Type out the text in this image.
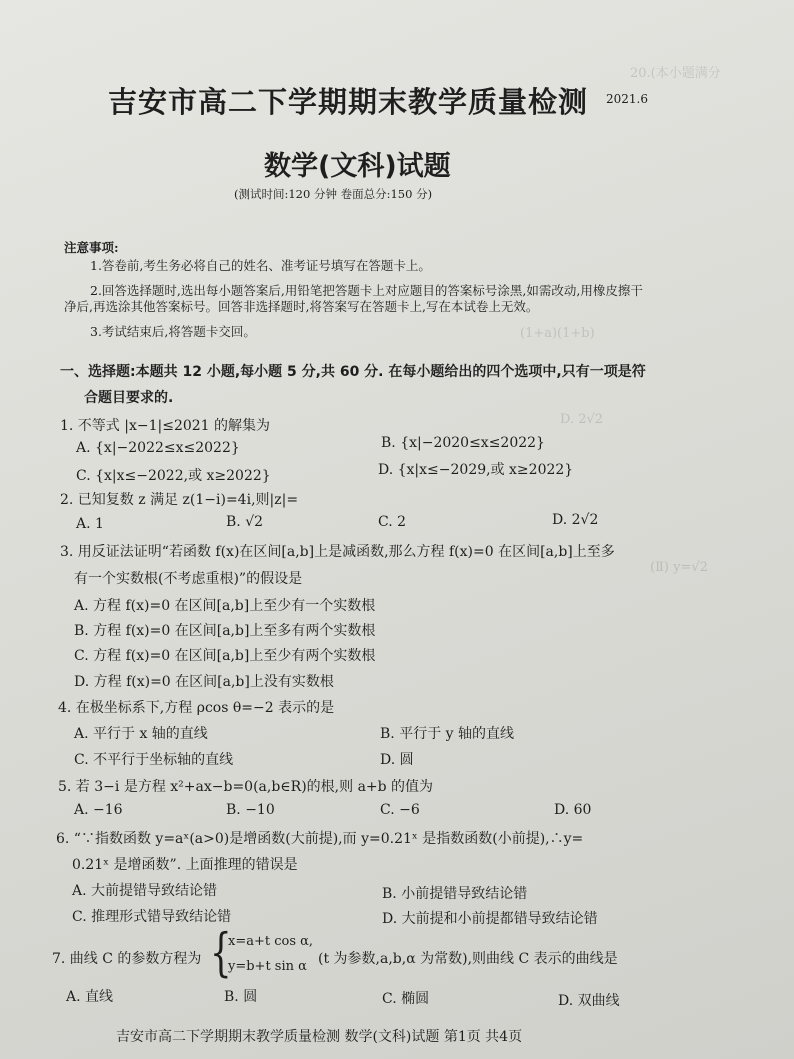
20.(本小题满分
(1+a)(1+b)
D. 2√2
(Ⅱ) y=√2
吉安市高二下学期期末教学质量检测 2021.6
数学(文科)试题
(测试时间:120 分钟 卷面总分:150 分)
注意事项:
1.答卷前,考生务必将自己的姓名、准考证号填写在答题卡上。
2.回答选择题时,选出每小题答案后,用铅笔把答题卡上对应题目的答案标号涂黑,如需改动,用橡皮擦干
净后,再选涂其他答案标号。回答非选择题时,将答案写在答题卡上,写在本试卷上无效。
3.考试结束后,将答题卡交回。
一、选择题:本题共 12 小题,每小题 5 分,共 60 分. 在每小题给出的四个选项中,只有一项是符
合题目要求的.
1. 不等式 |x−1|≤2021 的解集为
A. {x|−2022≤x≤2022}	B. {x|−2020≤x≤2022}
C. {x|x≤−2022,或 x≥2022}	D. {x|x≤−2029,或 x≥2022}
2. 已知复数 z 满足 z(1−i)=4i,则|z|=
A. 1	B. √2	C. 2	D. 2√2
3. 用反证法证明“若函数 f(x)在区间[a,b]上是减函数,那么方程 f(x)=0 在区间[a,b]上至多
有一个实数根(不考虑重根)”的假设是
A. 方程 f(x)=0 在区间[a,b]上至少有一个实数根
B. 方程 f(x)=0 在区间[a,b]上至多有两个实数根
C. 方程 f(x)=0 在区间[a,b]上至少有两个实数根
D. 方程 f(x)=0 在区间[a,b]上没有实数根
4. 在极坐标系下,方程 ρcos θ=−2 表示的是
A. 平行于 x 轴的直线	B. 平行于 y 轴的直线
C. 不平行于坐标轴的直线	D. 圆
5. 若 3−i 是方程 x²+ax−b=0(a,b∈R)的根,则 a+b 的值为
A. −16	B. −10	C. −6	D. 60
6. “∵指数函数 y=aˣ(a>0)是增函数(大前提),而 y=0.21ˣ 是指数函数(小前提),∴y=
0.21ˣ 是增函数”. 上面推理的错误是
A. 大前提错导致结论错	B. 小前提错导致结论错
C. 推理形式错导致结论错	D. 大前提和小前提都错导致结论错
7. 曲线 C 的参数方程为 {
x=a+t cos α,
y=b+t sin α (t 为参数,a,b,α 为常数),则曲线 C 表示的曲线是
A. 直线	B. 圆	C. 椭圆	D. 双曲线
吉安市高二下学期期末教学质量检测 数学(文科)试题 第1页 共4页
